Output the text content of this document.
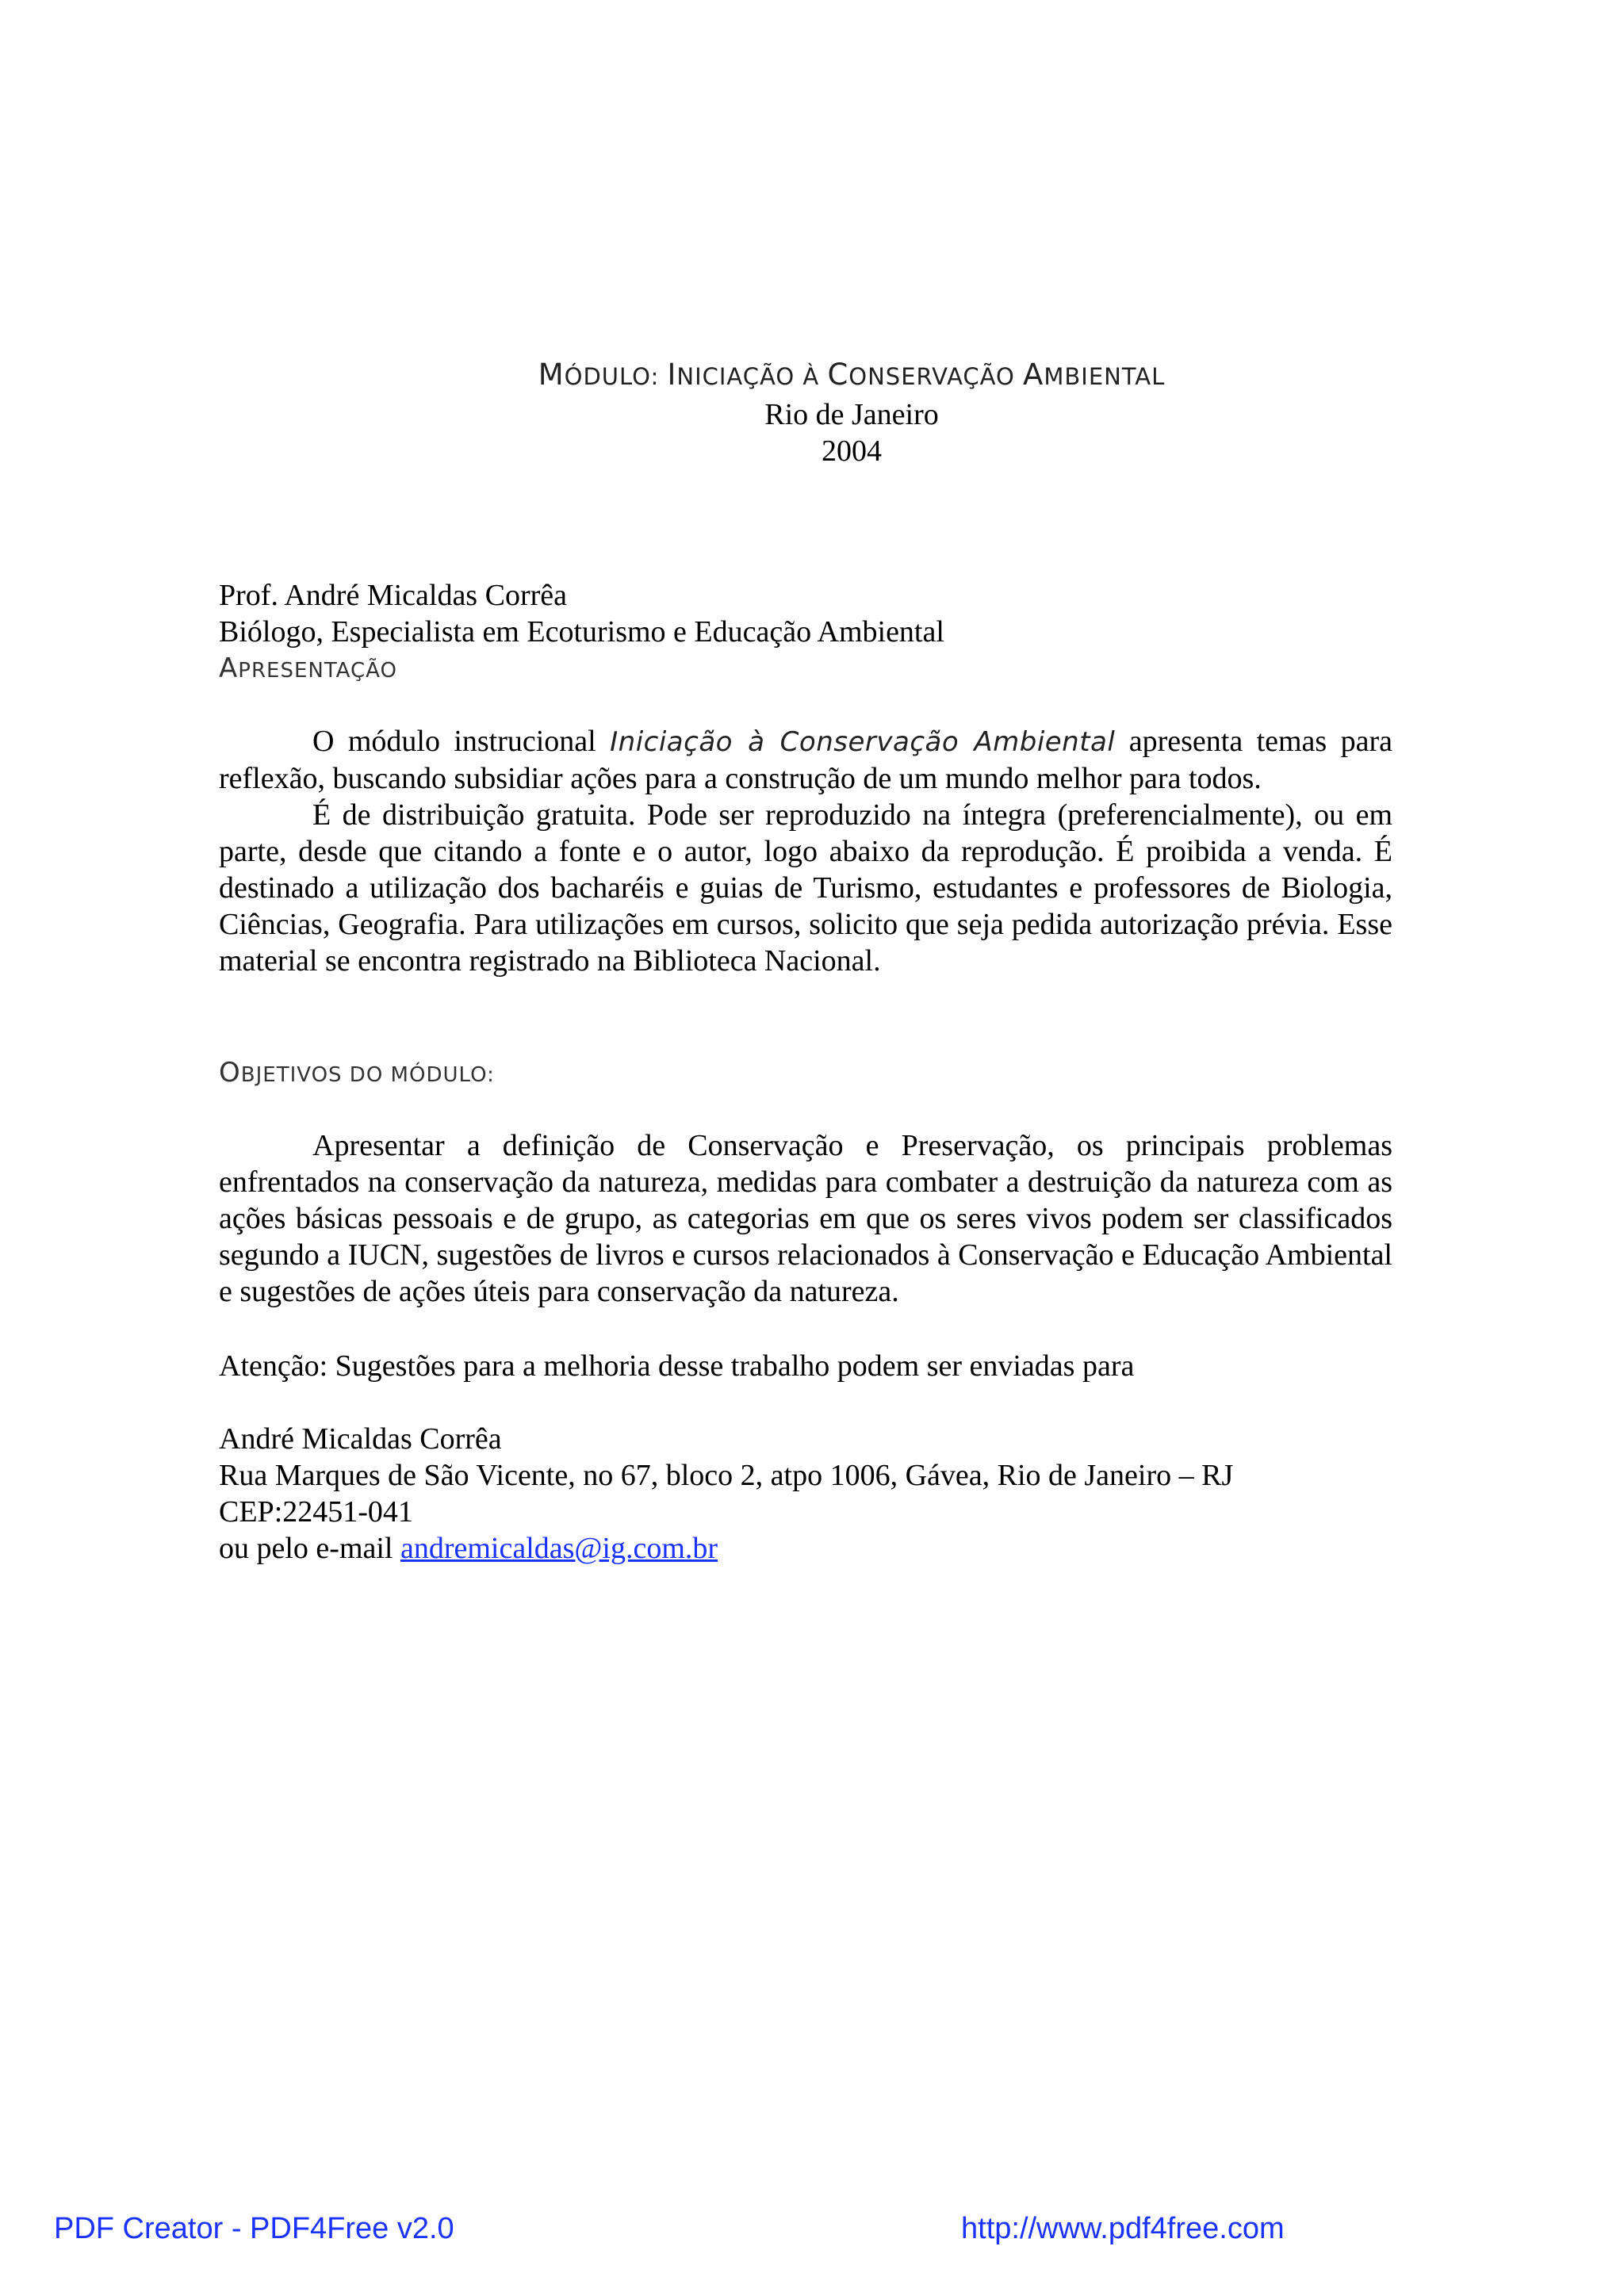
MÓDULO: INICIAÇÃO À CONSERVAÇÃO AMBIENTAL
Rio de Janeiro
2004
Prof. André Micaldas Corrêa
Biólogo, Especialista em Ecoturismo e Educação Ambiental
APRESENTAÇÃO
O módulo instrucional Iniciação à Conservação Ambiental apresenta temas para reflexão, buscando subsidiar ações para a construção de um mundo melhor para todos.
É de distribuição gratuita. Pode ser reproduzido na íntegra (preferencialmente), ou em parte, desde que citando a fonte e o autor, logo abaixo da reprodução. É proibida a venda. É destinado a utilização dos bacharéis e guias de Turismo, estudantes e professores de Biologia, Ciências, Geografia. Para utilizações em cursos, solicito que seja pedida autorização prévia. Esse material se encontra registrado na Biblioteca Nacional.
OBJETIVOS DO MÓDULO:
Apresentar a definição de Conservação e Preservação, os principais problemas enfrentados na conservação da natureza, medidas para combater a destruição da natureza com as ações básicas pessoais e de grupo, as categorias em que os seres vivos podem ser classificados segundo a IUCN, sugestões de livros e cursos relacionados à Conservação e Educação Ambiental e sugestões de ações úteis para conservação da natureza.
Atenção: Sugestões para a melhoria desse trabalho podem ser enviadas para
André Micaldas Corrêa
Rua Marques de São Vicente, no 67, bloco 2, atpo 1006, Gávea, Rio de Janeiro – RJ
CEP:22451-041
ou pelo e-mail andremicaldas@ig.com.br
PDF Creator - PDF4Free v2.0	http://www.pdf4free.com
